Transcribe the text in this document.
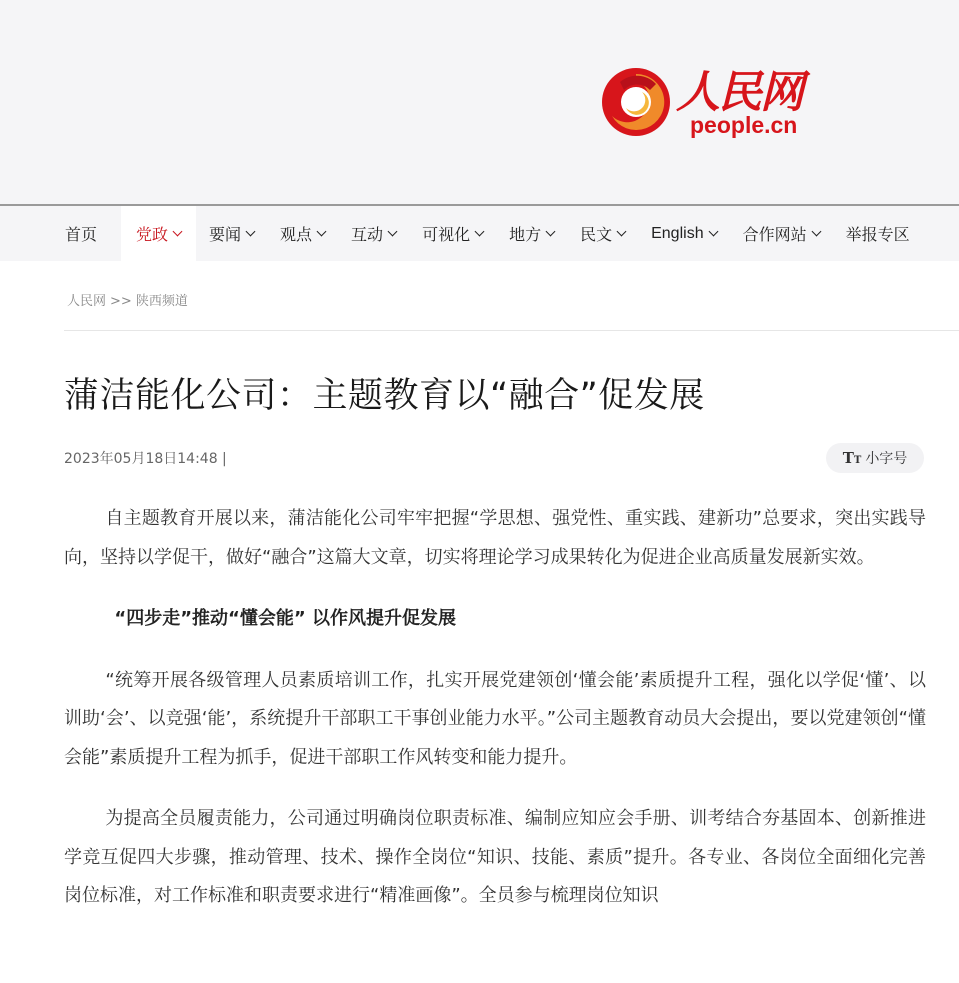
人民网
people.cn
首页 党政	要闻 观点 互动 可视化 地方 民文 English 合作网站 举报专区
人民网 >> 陕西频道
蒲洁能化公司：主题教育以“融合”促发展
2023年05月18日14:48 |	TT 小字号

自主题教育开展以来，蒲洁能化公司牢牢把握“学思想、强党性、重实践、建新功”总要求，突出实践导向，坚持以学促干，做好“融合”这篇大文章，切实将理论学习成果转化为促进企业高质量发展新实效。

“四步走”推动“懂会能” 以作风提升促发展

“统筹开展各级管理人员素质培训工作，扎实开展党建领创‘懂会能’素质提升工程，强化以学促‘懂’、以训助‘会’、以竞强‘能’，系统提升干部职工干事创业能力水平。”公司主题教育动员大会提出，要以党建领创“懂会能”素质提升工程为抓手，促进干部职工作风转变和能力提升。

为提高全员履责能力，公司通过明确岗位职责标准、编制应知应会手册、训考结合夯基固本、创新推进学竞互促四大步骤，推动管理、技术、操作全岗位“知识、技能、素质”提升。各专业、各岗位全面细化完善岗位标准，对工作标准和职责要求进行“精准画像”。全员参与梳理岗位知识
